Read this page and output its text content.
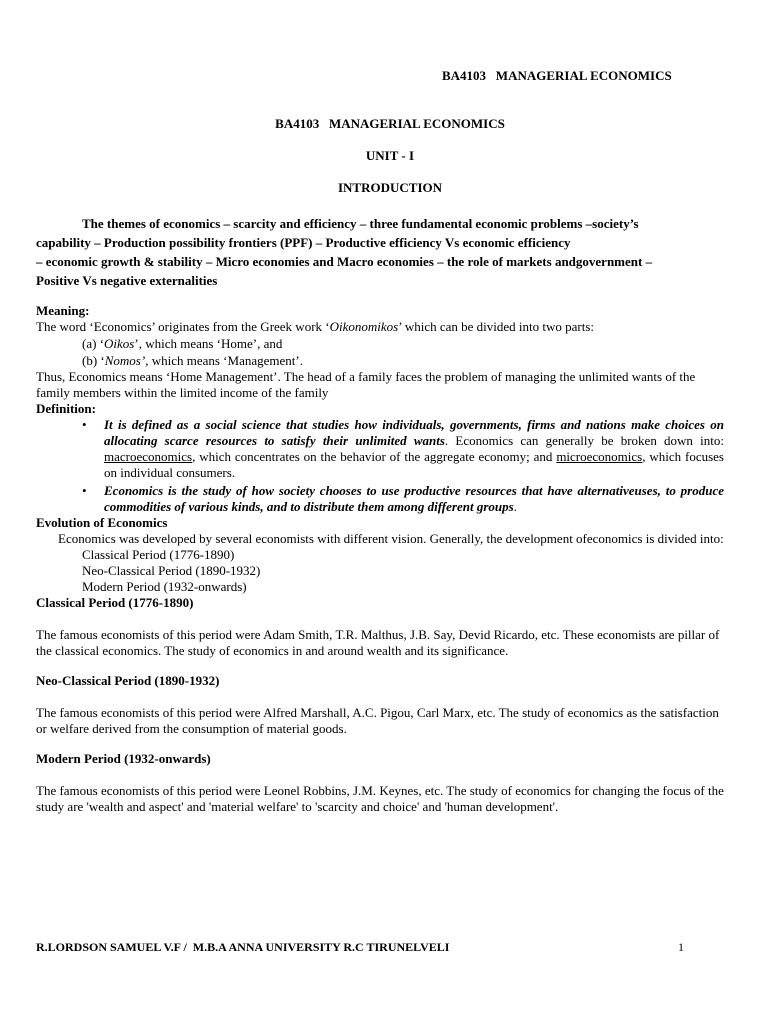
BA4103   MANAGERIAL ECONOMICS
BA4103   MANAGERIAL ECONOMICS
UNIT - I
INTRODUCTION
The themes of economics – scarcity and efficiency – three fundamental economic problems –society’s
capability – Production possibility frontiers (PPF) – Productive efficiency Vs economic efficiency
– economic growth & stability – Micro economies and Macro economies – the role of markets andgovernment –
Positive Vs negative externalities
Meaning:

The word ‘Economics’ originates from the Greek work ‘Oikonomikos’ which can be divided into two parts:

(a) ‘Oikos’, which means ‘Home’, and
(b) ‘Nomos’, which means ‘Management’.

Thus, Economics means ‘Home Management’. The head of a family faces the problem of managing the unlimited wants of the family members within the limited income of the family

Definition:
• It is defined as a social science that studies how individuals, governments, firms and nations make choices on allocating scarce resources to satisfy their unlimited wants. Economics can generally be broken down into: macroeconomics, which concentrates on the behavior of the aggregate economy; and microeconomics, which focuses on individual consumers.
• Economics is the study of how society chooses to use productive resources that have alternativeuses, to produce commodities of various kinds, and to distribute them among different groups.
Evolution of Economics

Economics was developed by several economists with different vision. Generally, the development ofeconomics is divided into:

Classical Period (1776-1890)
Neo-Classical Period (1890-1932)
Modern Period (1932-onwards)
Classical Period (1776-1890)

The famous economists of this period were Adam Smith, T.R. Malthus, J.B. Say, Devid Ricardo, etc. These economists are pillar of the classical economics. The study of economics in and around wealth and its significance.

Neo-Classical Period (1890-1932)

The famous economists of this period were Alfred Marshall, A.C. Pigou, Carl Marx, etc. The study of economics as the satisfaction or welfare derived from the consumption of material goods.

Modern Period (1932-onwards)

The famous economists of this period were Leonel Robbins, J.M. Keynes, etc. The study of economics for changing the focus of the study are 'wealth and aspect' and 'material welfare' to 'scarcity and choice' and 'human development'.

R.LORDSON SAMUEL V.F /  M.B.A ANNA UNIVERSITY R.C TIRUNELVELI	1
